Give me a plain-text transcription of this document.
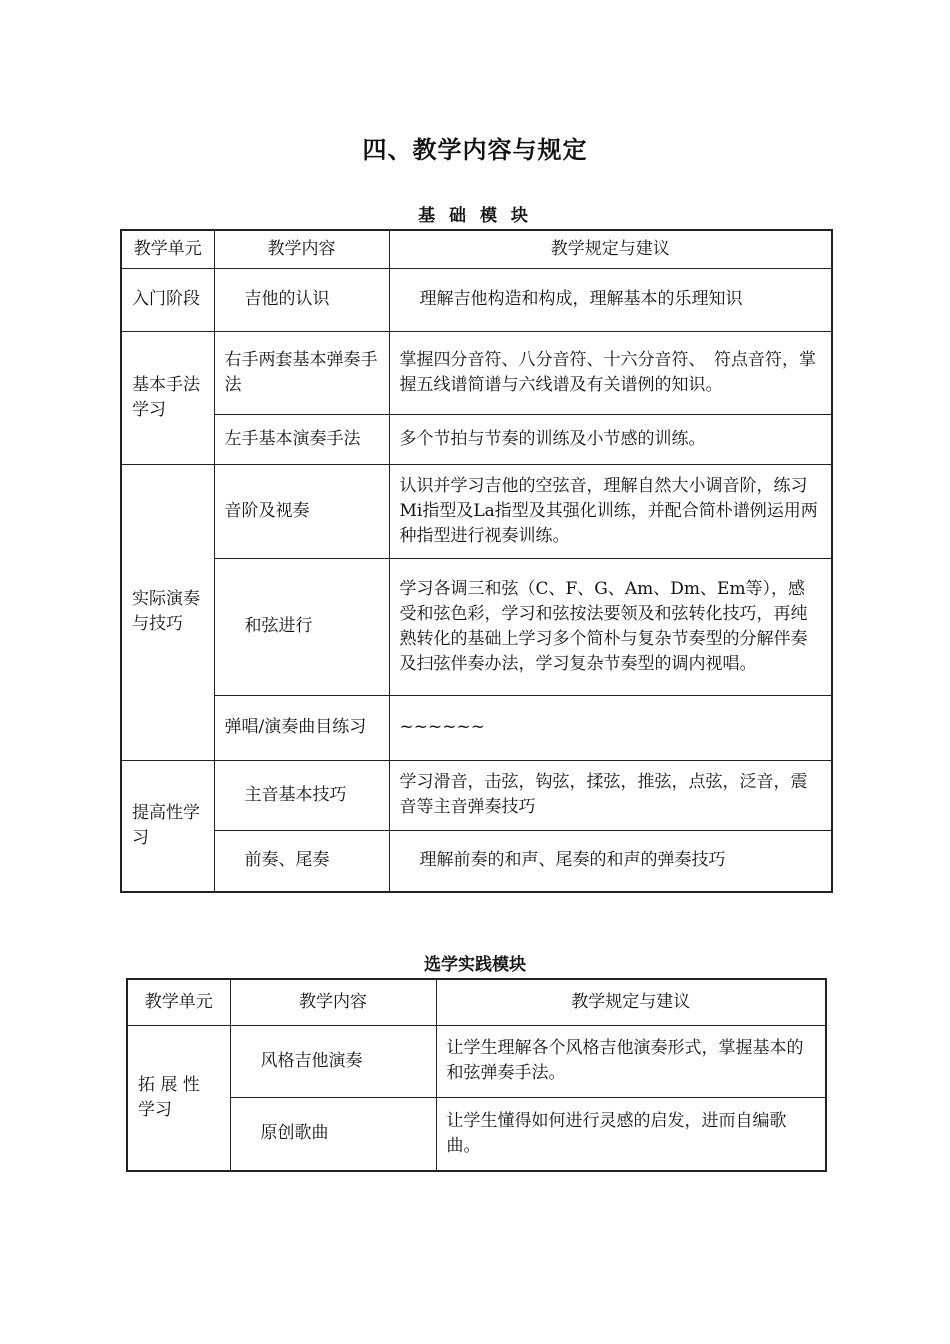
四、教学内容与规定
基 础 模 块
教学单元	教学内容	教学规定与建议
入门阶段	吉他的认识	理解吉他构造和构成，理解基本的乐理知识
基本手法学习	右手两套基本弹奏手法	掌握四分音符、八分音符、十六分音符、　符点音符，掌握五线谱简谱与六线谱及有关谱例的知识。
	左手基本演奏手法	多个节拍与节奏的训练及小节感的训练。
实际演奏与技巧	音阶及视奏	认识并学习吉他的空弦音，理解自然大小调音阶，练习Mi指型及La指型及其强化训练，并配合简朴谱例运用两种指型进行视奏训练。
	和弦进行	学习各调三和弦（C、F、G、Am、Dm、Em等），感受和弦色彩，学习和弦按法要领及和弦转化技巧，再纯熟转化的基础上学习多个简朴与复杂节奏型的分解伴奏及扫弦伴奏办法，学习复杂节奏型的调内视唱。
	弹唱/演奏曲目练习	~~~~~~
提高性学习	主音基本技巧	学习滑音，击弦，钩弦，揉弦，推弦，点弦，泛音，震音等主音弹奏技巧
	前奏、尾奏	理解前奏的和声、尾奏的和声的弹奏技巧
选学实践模块
教学单元	教学内容	教学规定与建议
拓 展 性 学习	风格吉他演奏	让学生理解各个风格吉他演奏形式，掌握基本的和弦弹奏手法。
	原创歌曲	让学生懂得如何进行灵感的启发，进而自编歌曲。
